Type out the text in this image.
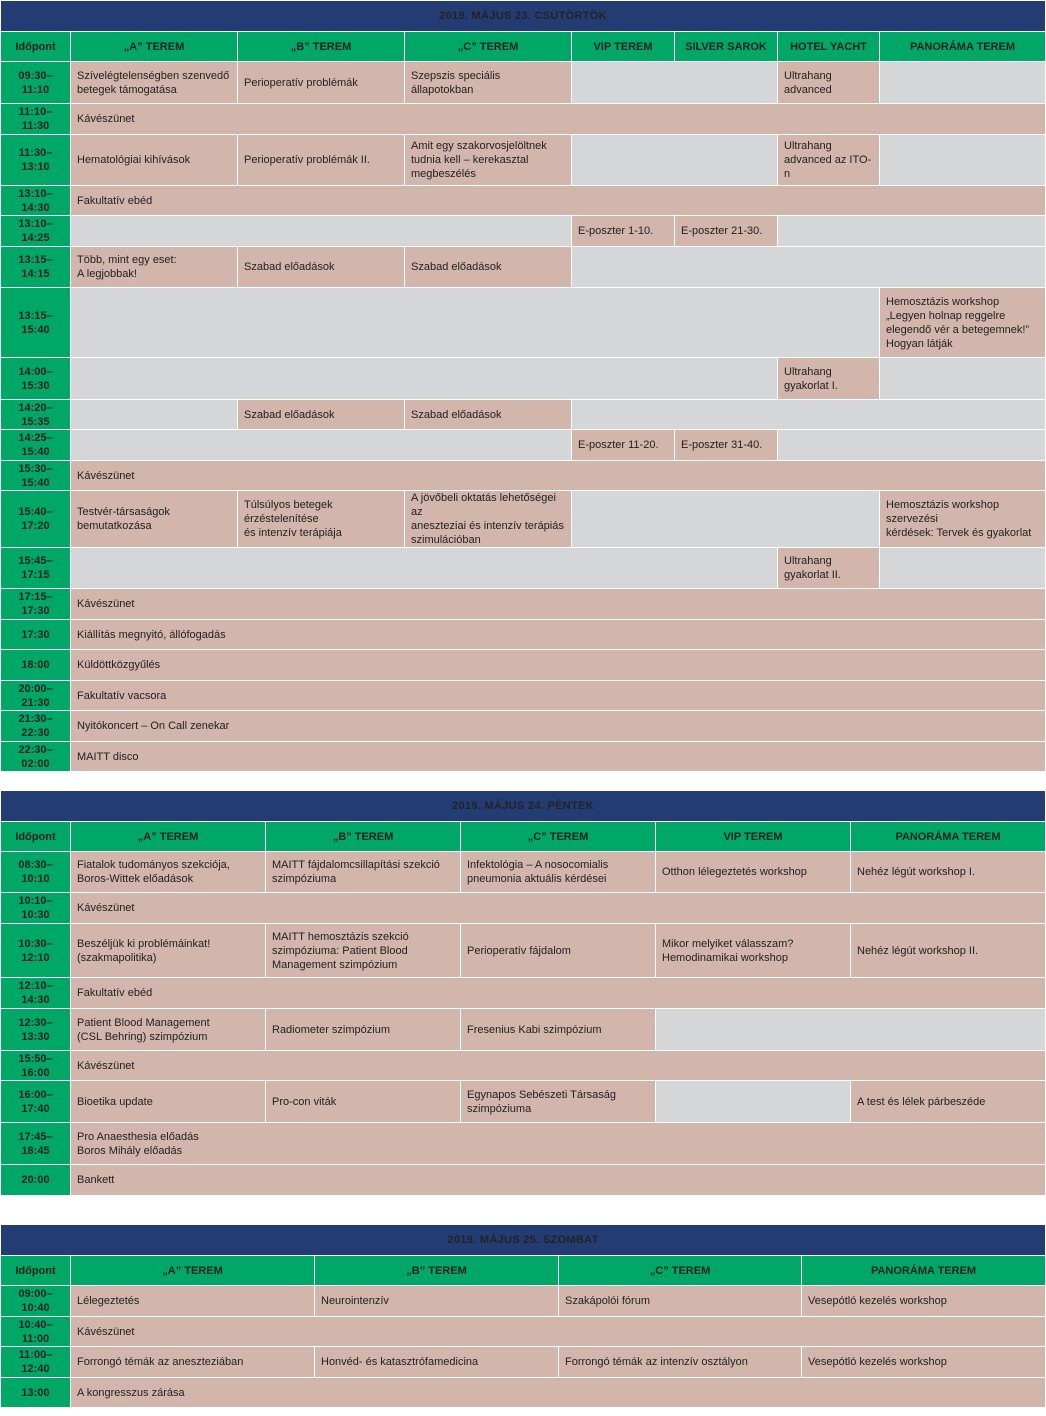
2019. MÁJUS 23. CSÜTÖRTÖK							
Időpont	„A” TEREM	„B” TEREM	„C” TEREM	VIP TEREM	SILVER SAROK	HOTEL YACHT	PANORÁMA TEREM
09:30–11:10	Szívelégtelenségben szenvedő
betegek támogatása	Perioperatív problémák	Szepszis speciális állapotokban			Ultrahang
advanced	
11:10–11:30	Kávészünet						
11:30–13:10	Hematológiai kihívások	Perioperatív problémák II.	Amit egy szakorvosjelöltnek
tudnia kell – kerekasztal
megbeszélés			Ultrahang
advanced az ITO-n	
13:10–14:30	Fakultatív ebéd						
13:10–14:25				E-poszter 1-10.	E-poszter 21-30.		
13:15–14:15	Több, mint egy eset:
A legjobbak!	Szabad előadások	Szabad előadások				
13:15–15:40							Hemosztázis workshop
„Legyen holnap reggelre
elegendő vér a betegemnek!”
Hogyan látják
14:00–15:30						Ultrahang
gyakorlat I.	
14:20–15:35		Szabad előadások	Szabad előadások				
14:25–15:40				E-poszter 11-20.	E-poszter 31-40.		
15:30–15:40	Kávészünet						
15:40–17:20	Testvér-társaságok
bemutatkozása	Túlsúlyos betegek érzéstelenítése
és intenzív terápiája	A jövőbeli oktatás lehetőségei az
aneszteziai és intenzív terápiás
szimulációban				Hemosztázis workshop szervezési
kérdések: Tervek és gyakorlat
15:45–17:15						Ultrahang
gyakorlat II.	
17:15–17:30	Kávészünet						
17:30	Kiállítás megnyitó, állófogadás						
18:00	Küldöttközgyűlés						
20:00–21:30	Fakultatív vacsora						
21:30–22:30	Nyitókoncert – On Call zenekar						
22:30–02:00	MAITT disco						
2019. MÁJUS 24. PÉNTEK					
Időpont	„A” TEREM	„B” TEREM	„C” TEREM	VIP TEREM	PANORÁMA TEREM
08:30–10:10	Fiatalok tudományos szekciója,
Boros-Wittek előadások	MAITT fájdalomcsillapítási szekció
szimpóziuma	Infektológia – A nosocomialis
pneumonia aktuális kérdései	Otthon lélegeztetés workshop	Nehéz légút workshop I.
10:10–10:30	Kávészünet				
10:30–12:10	Beszéljük ki problémáinkat!
(szakmapolitika)	MAITT hemosztázis szekció
szimpóziuma: Patient Blood
Management szimpózium	Perioperatív fájdalom	Mikor melyiket válasszam?
Hemodinamikai workshop	Nehéz légút workshop II.
12:10–14:30	Fakultatív ebéd				
12:30–13:30	Patient Blood Management
(CSL Behring) szimpózium	Radiometer szimpózium	Fresenius Kabi szimpózium		
15:50–16:00	Kávészünet				
16:00–17:40	Bioetika update	Pro-con viták	Egynapos Sebészeti Társaság
szimpóziuma		A test és lélek párbeszéde
17:45–18:45	Pro Anaesthesia előadás
Boros Mihály előadás				
20:00	Bankett				
2019. MÁJUS 25. SZOMBAT				
Időpont	„A” TEREM	„B” TEREM	„C” TEREM	PANORÁMA TEREM
09:00–10:40	Lélegeztetés	Neurointenzív	Szakápolói fórum	Vesepótló kezelés workshop
10:40–11:00	Kávészünet			
11:00–12:40	Forrongó témák az aneszteziában	Honvéd- és katasztrófamedicina	Forrongó témák az intenzív osztályon	Vesepótló kezelés workshop
13:00	A kongresszus zárása			
